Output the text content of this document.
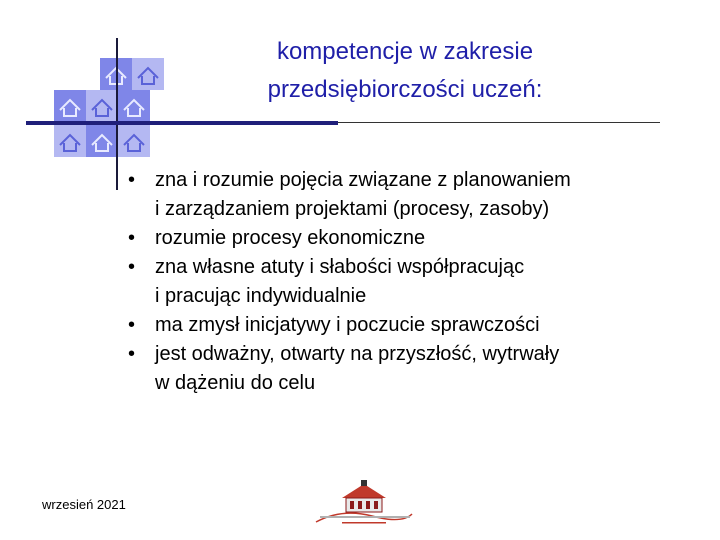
kompetencje w zakresie
przedsiębiorczości uczeń:
• zna i rozumie pojęcia związane z planowaniem
i zarządzaniem projektami (procesy, zasoby)
• rozumie procesy ekonomiczne
• zna własne atuty i słabości współpracując
i pracując indywidualnie
• ma zmysł inicjatywy i poczucie sprawczości
• jest odważny, otwarty na przyszłość, wytrwały
w dążeniu do celu
wrzesień 2021
